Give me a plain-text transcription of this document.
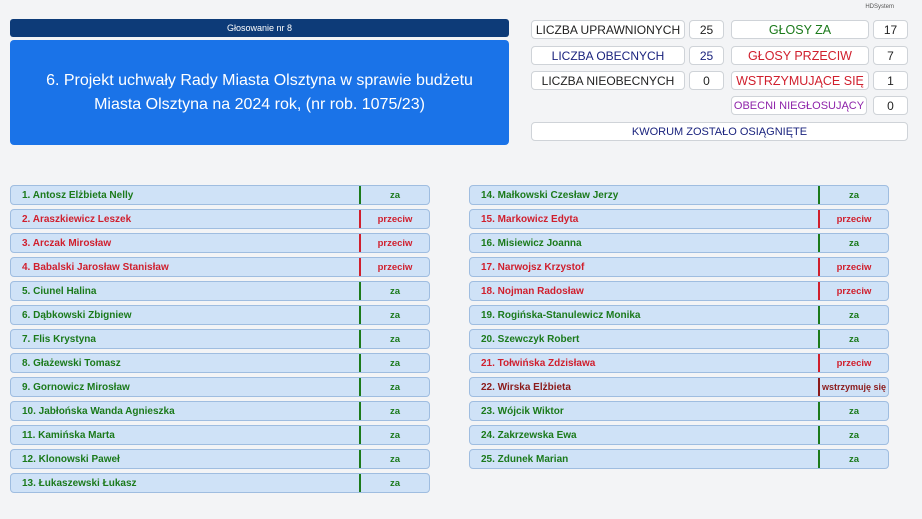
HDSystem
Głosowanie nr 8
6. Projekt uchwały Rady Miasta Olsztyna w sprawie budżetu Miasta Olsztyna na 2024 rok, (nr rob. 1075/23)
LICZBA UPRAWNIONYCH	25
LICZBA OBECNYCH	25
LICZBA NIEOBECNYCH	0
GŁOSY ZA	17
GŁOSY PRZECIW	7
WSTRZYMUJĄCE SIĘ	1
OBECNI NIEGŁOSUJĄCY	0
KWORUM ZOSTAŁO OSIĄGNIĘTE
1. Antosz Elżbieta Nelly	za
2. Araszkiewicz Leszek	przeciw
3. Arczak Mirosław	przeciw
4. Babalski Jarosław Stanisław	przeciw
5. Ciunel Halina	za
6. Dąbkowski Zbigniew	za
7. Flis Krystyna	za
8. Głażewski Tomasz	za
9. Gornowicz Mirosław	za
10. Jabłońska Wanda Agnieszka	za
11. Kamińska Marta	za
12. Klonowski Paweł	za
13. Łukaszewski Łukasz	za
14. Małkowski Czesław Jerzy	za
15. Markowicz Edyta	przeciw
16. Misiewicz Joanna	za
17. Narwojsz Krzystof	przeciw
18. Nojman Radosław	przeciw
19. Rogińska-Stanulewicz Monika	za
20. Szewczyk Robert	za
21. Tołwińska Zdzisława	przeciw
22. Wirska Elżbieta	wstrzymuję się
23. Wójcik Wiktor	za
24. Zakrzewska Ewa	za
25. Zdunek Marian	za
